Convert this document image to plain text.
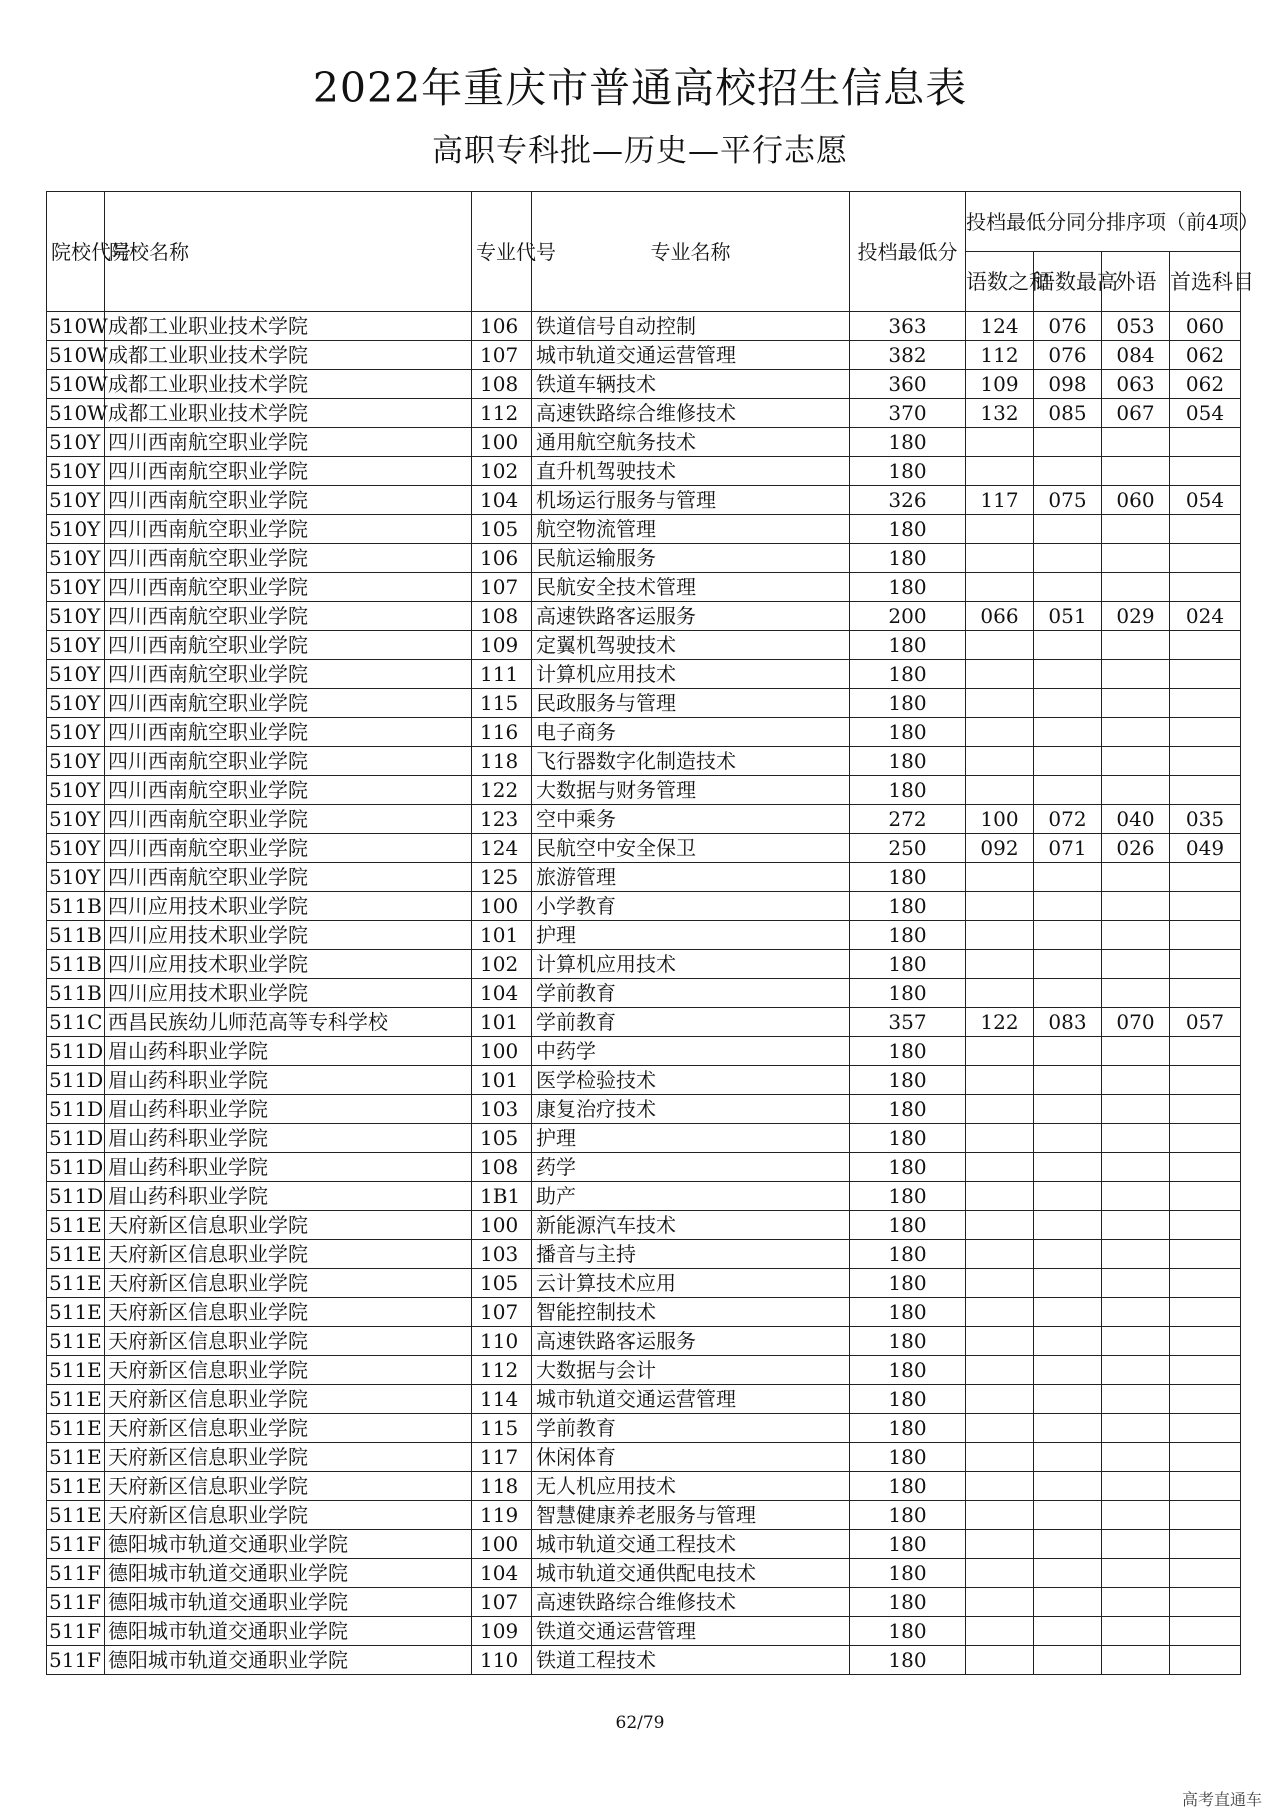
2022年重庆市普通高校招生信息表
高职专科批—历史—平行志愿
院校代号	院校名称	专业代号	专业名称	投档最低分	投档最低分同分排序项（前4项）			
					语数之和	语数最高	外语	首选科目
510W	成都工业职业技术学院	106	铁道信号自动控制	363	124	076	053	060
510W	成都工业职业技术学院	107	城市轨道交通运营管理	382	112	076	084	062
510W	成都工业职业技术学院	108	铁道车辆技术	360	109	098	063	062
510W	成都工业职业技术学院	112	高速铁路综合维修技术	370	132	085	067	054
510Y	四川西南航空职业学院	100	通用航空航务技术	180				
510Y	四川西南航空职业学院	102	直升机驾驶技术	180				
510Y	四川西南航空职业学院	104	机场运行服务与管理	326	117	075	060	054
510Y	四川西南航空职业学院	105	航空物流管理	180				
510Y	四川西南航空职业学院	106	民航运输服务	180				
510Y	四川西南航空职业学院	107	民航安全技术管理	180				
510Y	四川西南航空职业学院	108	高速铁路客运服务	200	066	051	029	024
510Y	四川西南航空职业学院	109	定翼机驾驶技术	180				
510Y	四川西南航空职业学院	111	计算机应用技术	180				
510Y	四川西南航空职业学院	115	民政服务与管理	180				
510Y	四川西南航空职业学院	116	电子商务	180				
510Y	四川西南航空职业学院	118	飞行器数字化制造技术	180				
510Y	四川西南航空职业学院	122	大数据与财务管理	180				
510Y	四川西南航空职业学院	123	空中乘务	272	100	072	040	035
510Y	四川西南航空职业学院	124	民航空中安全保卫	250	092	071	026	049
510Y	四川西南航空职业学院	125	旅游管理	180				
511B	四川应用技术职业学院	100	小学教育	180				
511B	四川应用技术职业学院	101	护理	180				
511B	四川应用技术职业学院	102	计算机应用技术	180				
511B	四川应用技术职业学院	104	学前教育	180				
511C	西昌民族幼儿师范高等专科学校	101	学前教育	357	122	083	070	057
511D	眉山药科职业学院	100	中药学	180				
511D	眉山药科职业学院	101	医学检验技术	180				
511D	眉山药科职业学院	103	康复治疗技术	180				
511D	眉山药科职业学院	105	护理	180				
511D	眉山药科职业学院	108	药学	180				
511D	眉山药科职业学院	1B1	助产	180				
511E	天府新区信息职业学院	100	新能源汽车技术	180				
511E	天府新区信息职业学院	103	播音与主持	180				
511E	天府新区信息职业学院	105	云计算技术应用	180				
511E	天府新区信息职业学院	107	智能控制技术	180				
511E	天府新区信息职业学院	110	高速铁路客运服务	180				
511E	天府新区信息职业学院	112	大数据与会计	180				
511E	天府新区信息职业学院	114	城市轨道交通运营管理	180				
511E	天府新区信息职业学院	115	学前教育	180				
511E	天府新区信息职业学院	117	休闲体育	180				
511E	天府新区信息职业学院	118	无人机应用技术	180				
511E	天府新区信息职业学院	119	智慧健康养老服务与管理	180				
511F	德阳城市轨道交通职业学院	100	城市轨道交通工程技术	180				
511F	德阳城市轨道交通职业学院	104	城市轨道交通供配电技术	180				
511F	德阳城市轨道交通职业学院	107	高速铁路综合维修技术	180				
511F	德阳城市轨道交通职业学院	109	铁道交通运营管理	180				
511F	德阳城市轨道交通职业学院	110	铁道工程技术	180				
62/79
高考直通车
